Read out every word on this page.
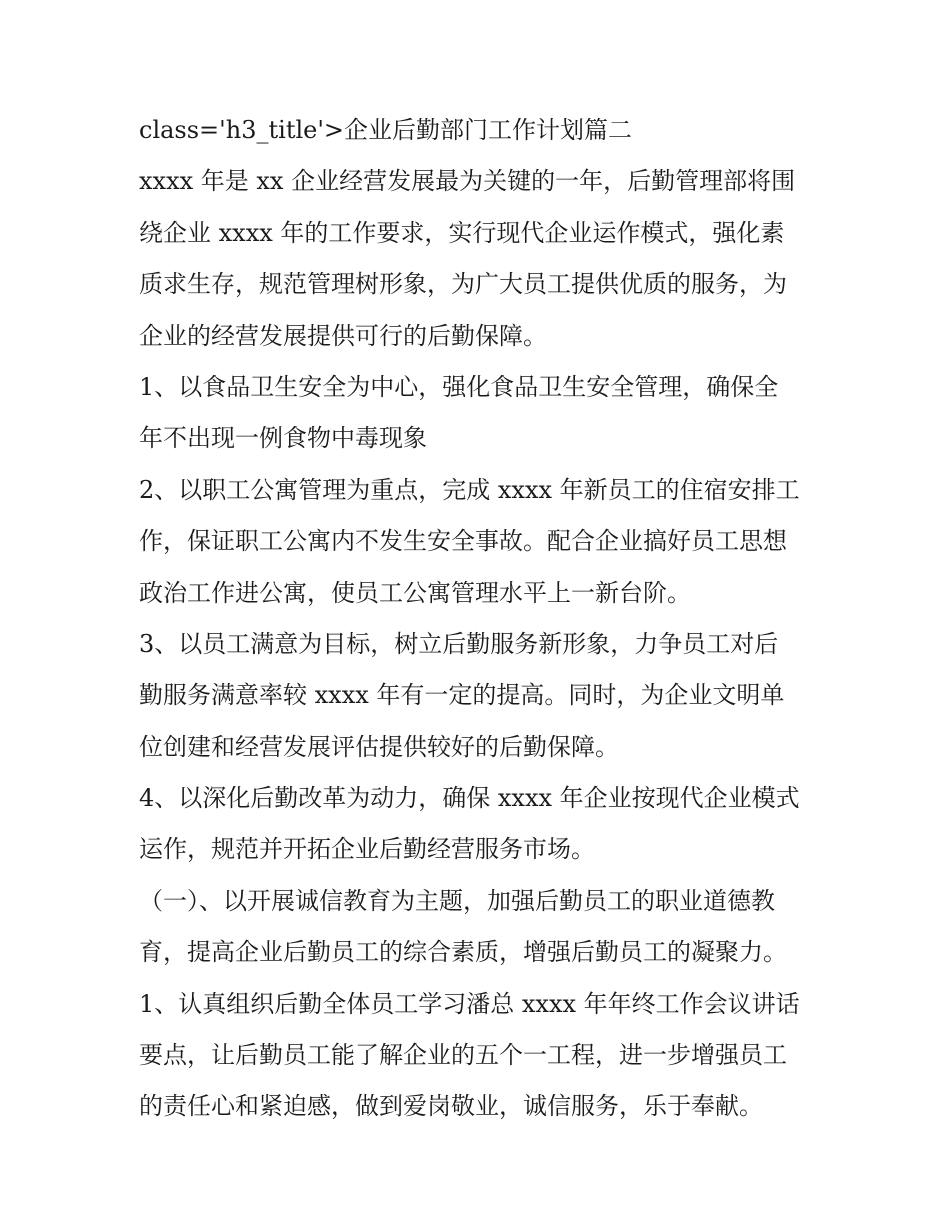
class='h3_title'>企业后勤部门工作计划篇二
xxxx 年是 xx 企业经营发展最为关键的一年，后勤管理部将围
绕企业 xxxx 年的工作要求，实行现代企业运作模式，强化素
质求生存，规范管理树形象，为广大员工提供优质的服务，为
企业的经营发展提供可行的后勤保障。
1、以食品卫生安全为中心，强化食品卫生安全管理，确保全
年不出现一例食物中毒现象
2、以职工公寓管理为重点，完成 xxxx 年新员工的住宿安排工
作，保证职工公寓内不发生安全事故。配合企业搞好员工思想
政治工作进公寓，使员工公寓管理水平上一新台阶。
3、以员工满意为目标，树立后勤服务新形象，力争员工对后
勤服务满意率较 xxxx 年有一定的提高。同时，为企业文明单
位创建和经营发展评估提供较好的后勤保障。
4、以深化后勤改革为动力，确保 xxxx 年企业按现代企业模式
运作，规范并开拓企业后勤经营服务市场。
（一）、以开展诚信教育为主题，加强后勤员工的职业道德教
育，提高企业后勤员工的综合素质，增强后勤员工的凝聚力。
1、认真组织后勤全体员工学习潘总 xxxx 年年终工作会议讲话
要点，让后勤员工能了解企业的五个一工程，进一步增强员工
的责任心和紧迫感，做到爱岗敬业，诚信服务，乐于奉献。
